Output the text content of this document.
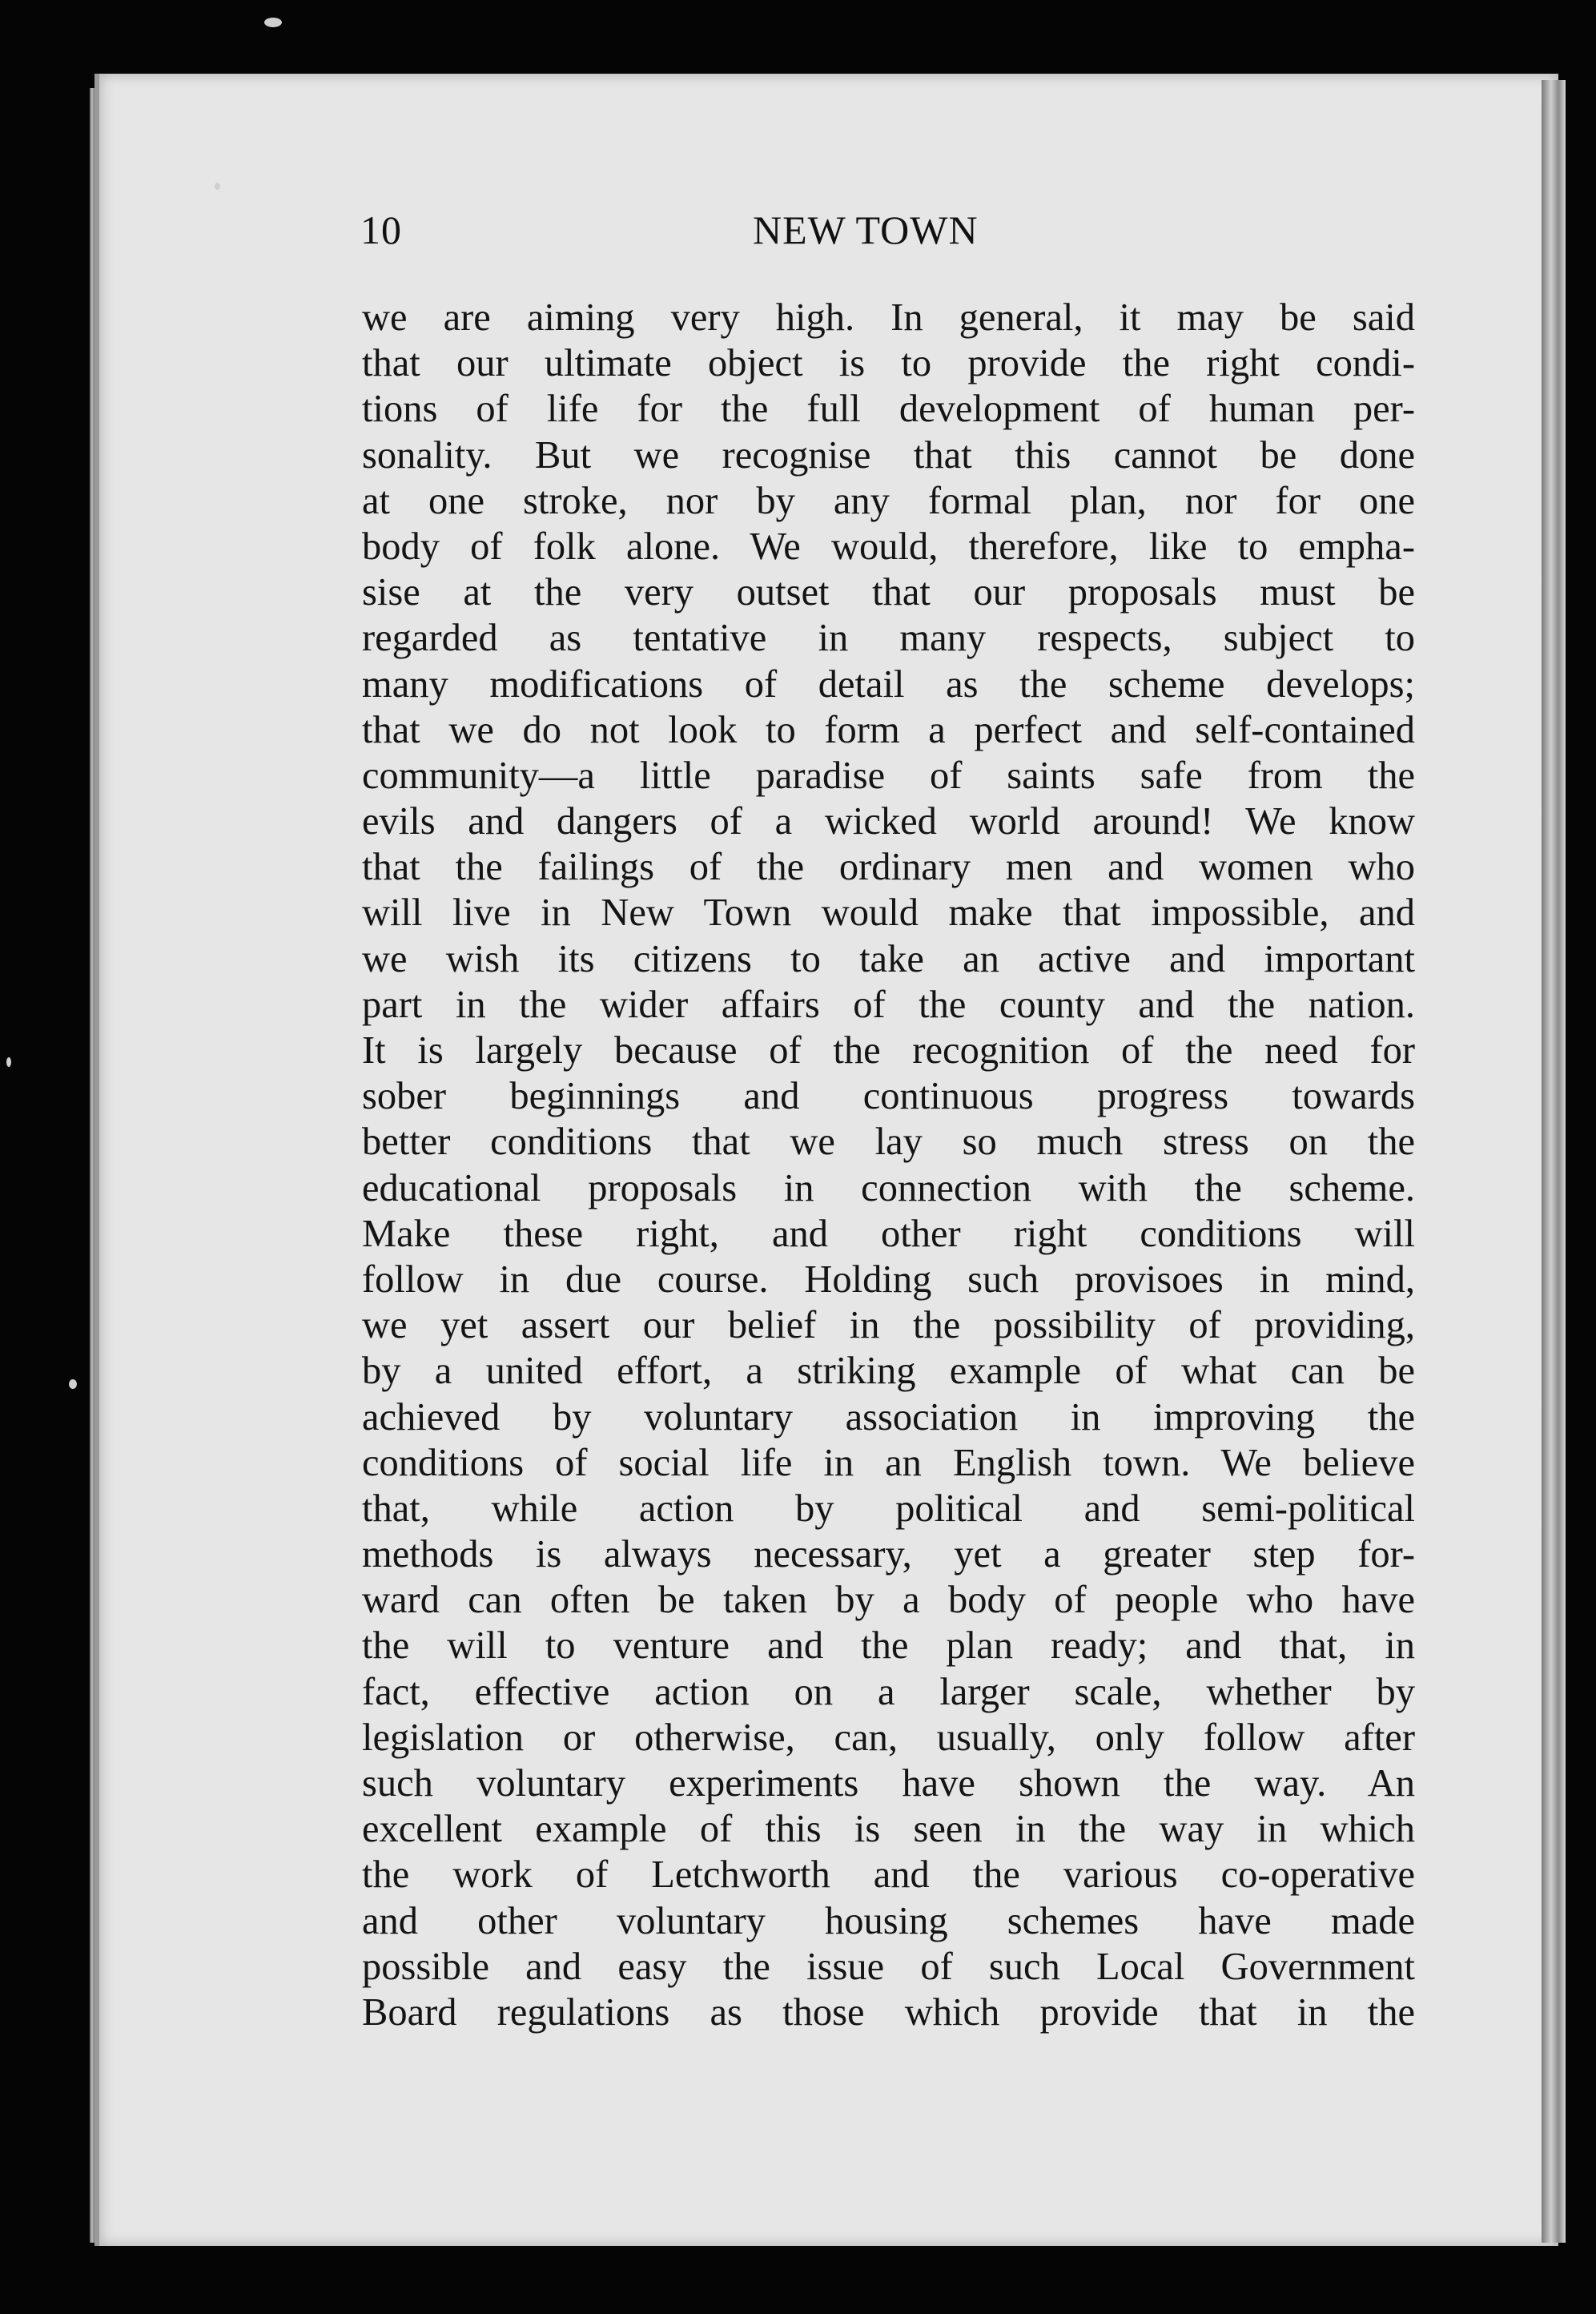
10	NEW TOWN
we are aiming very high. In general, it may be said
that our ultimate object is to provide the right condi-
tions of life for the full development of human per-
sonality. But we recognise that this cannot be done
at one stroke, nor by any formal plan, nor for one
body of folk alone. We would, therefore, like to empha-
sise at the very outset that our proposals must be
regarded as tentative in many respects, subject to
many modifications of detail as the scheme develops;
that we do not look to form a perfect and self-contained
community—a little paradise of saints safe from the
evils and dangers of a wicked world around! We know
that the failings of the ordinary men and women who
will live in New Town would make that impossible, and
we wish its citizens to take an active and important
part in the wider affairs of the county and the nation.
It is largely because of the recognition of the need for
sober beginnings and continuous progress towards
better conditions that we lay so much stress on the
educational proposals in connection with the scheme.
Make these right, and other right conditions will
follow in due course. Holding such provisoes in mind,
we yet assert our belief in the possibility of providing,
by a united effort, a striking example of what can be
achieved by voluntary association in improving the
conditions of social life in an English town. We believe
that, while action by political and semi-political
methods is always necessary, yet a greater step for-
ward can often be taken by a body of people who have
the will to venture and the plan ready; and that, in
fact, effective action on a larger scale, whether by
legislation or otherwise, can, usually, only follow after
such voluntary experiments have shown the way. An
excellent example of this is seen in the way in which
the work of Letchworth and the various co-operative
and other voluntary housing schemes have made
possible and easy the issue of such Local Government
Board regulations as those which provide that in the
